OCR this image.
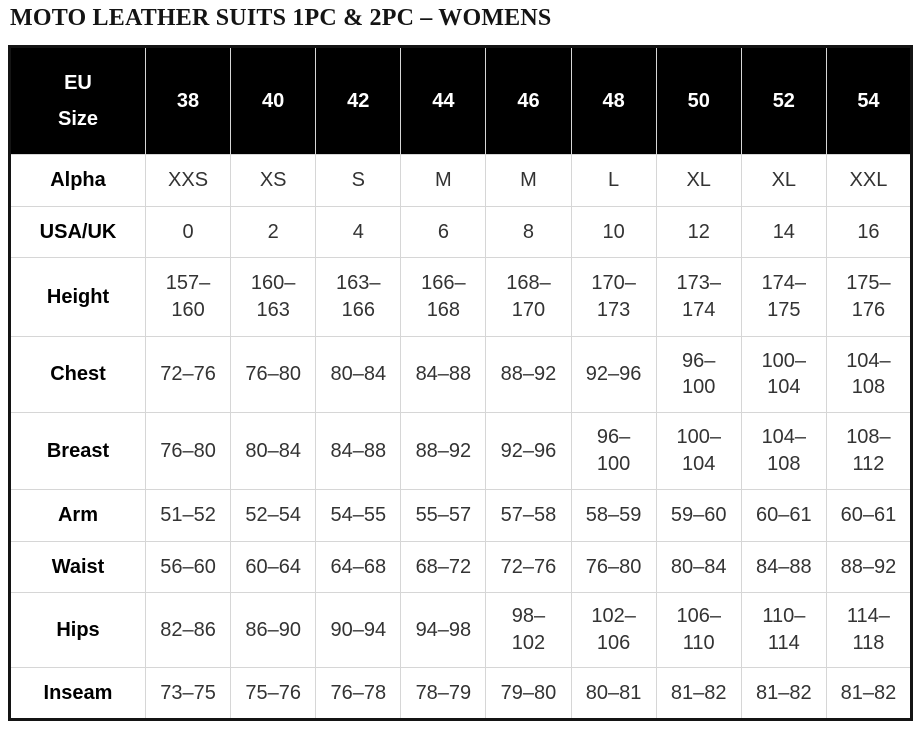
MOTO LEATHER SUITS 1PC & 2PC – WOMENS
EU Size	38	40	42	44	46	48	50	52	54
Alpha	XXS	XS	S	M	M	L	XL	XL	XXL
USA/UK	0	2	4	6	8	10	12	14	16
Height	157–160	160–163	163–166	166–168	168–170	170–173	173–174	174–175	175–176
Chest	72–76	76–80	80–84	84–88	88–92	92–96	96–100	100–104	104–108
Breast	76–80	80–84	84–88	88–92	92–96	96–100	100–104	104–108	108–112
Arm	51–52	52–54	54–55	55–57	57–58	58–59	59–60	60–61	60–61
Waist	56–60	60–64	64–68	68–72	72–76	76–80	80–84	84–88	88–92
Hips	82–86	86–90	90–94	94–98	98–102	102–106	106–110	110–114	114–118
Inseam	73–75	75–76	76–78	78–79	79–80	80–81	81–82	81–82	81–82
